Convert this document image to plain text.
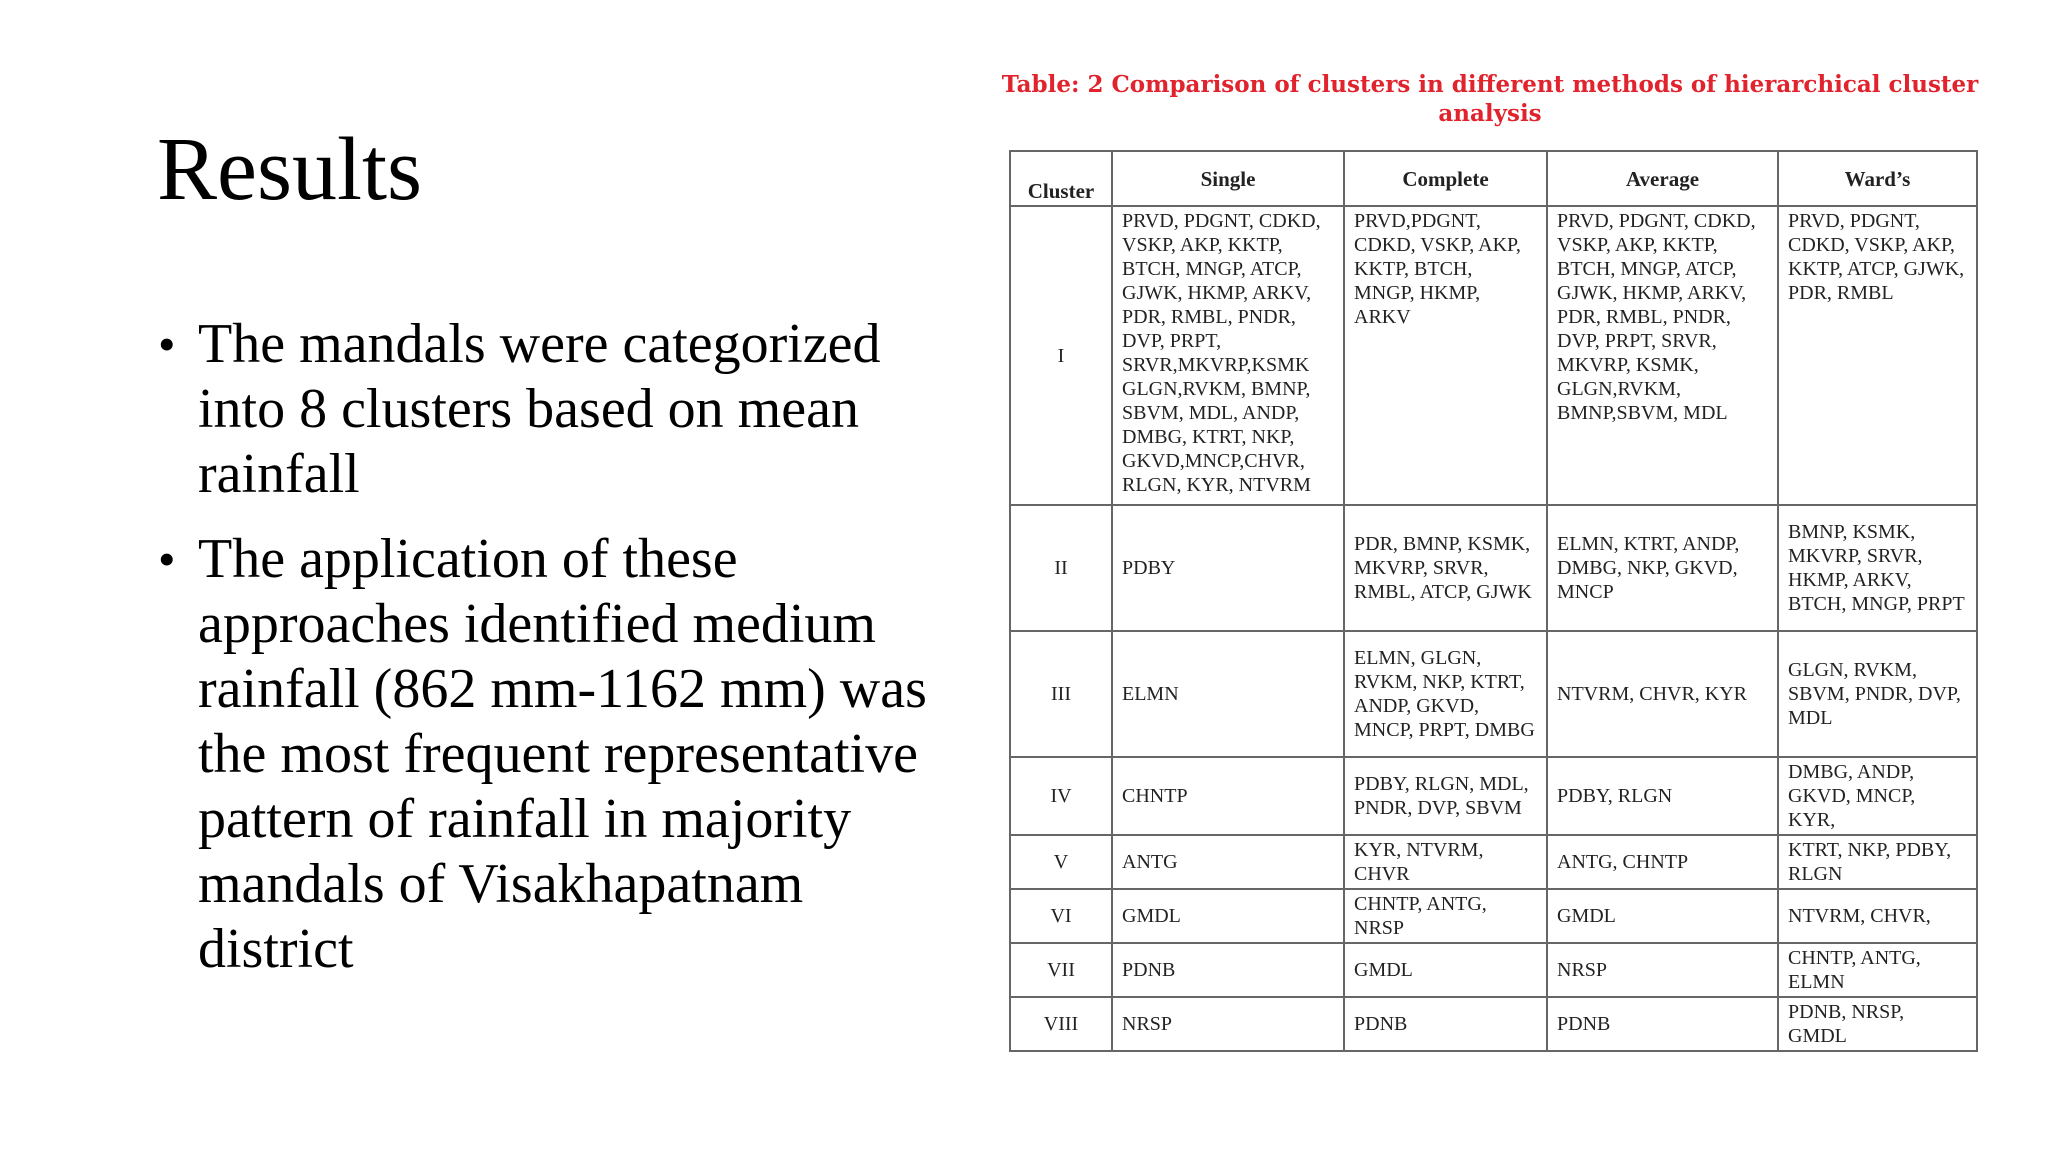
Results
• The mandals were categorized into 8 clusters based on mean rainfall
• The application of these approaches identified medium rainfall (862 mm-1162 mm) was the most frequent representative pattern of rainfall in majority mandals of Visakhapatnam district
Table: 2 Comparison of clusters in different methods of hierarchical cluster analysis
Cluster	Single	Complete	Average	Ward’s
I	PRVD, PDGNT, CDKD, VSKP, AKP, KKTP, BTCH, MNGP, ATCP, GJWK, HKMP, ARKV, PDR, RMBL, PNDR, DVP, PRPT, SRVR,MKVRP,KSMK GLGN,RVKM, BMNP, SBVM, MDL, ANDP, DMBG, KTRT, NKP, GKVD,MNCP,CHVR, RLGN, KYR, NTVRM	PRVD,PDGNT, CDKD, VSKP, AKP, KKTP, BTCH, MNGP, HKMP, ARKV	PRVD, PDGNT, CDKD, VSKP, AKP, KKTP, BTCH, MNGP, ATCP, GJWK, HKMP, ARKV, PDR, RMBL, PNDR, DVP, PRPT, SRVR, MKVRP, KSMK, GLGN,RVKM, BMNP,SBVM, MDL	PRVD, PDGNT, CDKD, VSKP, AKP, KKTP, ATCP, GJWK, PDR, RMBL
II	PDBY	PDR, BMNP, KSMK, MKVRP, SRVR, RMBL, ATCP, GJWK	ELMN, KTRT, ANDP, DMBG, NKP, GKVD, MNCP	BMNP, KSMK, MKVRP, SRVR, HKMP, ARKV, BTCH, MNGP, PRPT
III	ELMN	ELMN, GLGN, RVKM, NKP, KTRT, ANDP, GKVD, MNCP, PRPT, DMBG	NTVRM, CHVR, KYR	GLGN, RVKM, SBVM, PNDR, DVP, MDL
IV	CHNTP	PDBY, RLGN, MDL, PNDR, DVP, SBVM	PDBY, RLGN	DMBG, ANDP, GKVD, MNCP, KYR,
V	ANTG	KYR, NTVRM, CHVR	ANTG, CHNTP	KTRT, NKP, PDBY, RLGN
VI	GMDL	CHNTP, ANTG, NRSP	GMDL	NTVRM, CHVR,
VII	PDNB	GMDL	NRSP	CHNTP, ANTG, ELMN
VIII	NRSP	PDNB	PDNB	PDNB, NRSP, GMDL
